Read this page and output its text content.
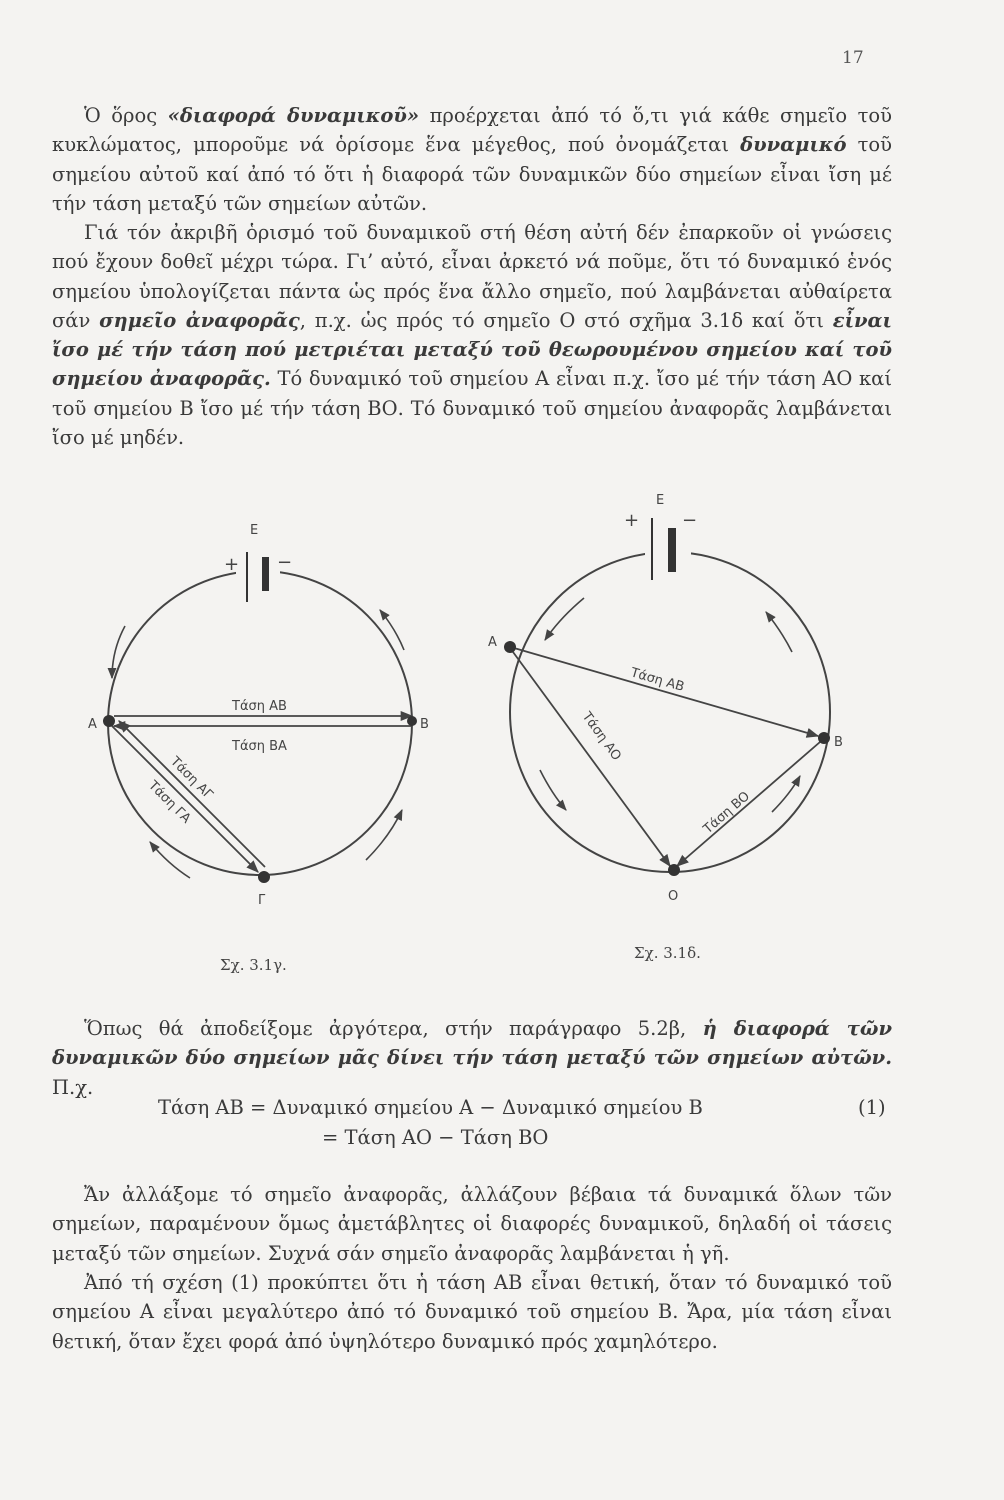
17

Ὁ ὅρος «διαφορά δυναμικοῦ» προέρχεται ἀπό τό ὅ,τι γιά κάθε σημεῖο τοῦ κυκλώματος, μποροῦμε νά ὁρίσομε ἕνα μέγεθος, πού ὀνομάζεται δυναμικό τοῦ σημείου αὐτοῦ καί ἀπό τό ὅτι ἡ διαφορά τῶν δυναμικῶν δύο σημείων εἶναι ἴση μέ τήν τάση μεταξύ τῶν σημείων αὐτῶν.

Γιά τόν ἀκριβῆ ὁρισμό τοῦ δυναμικοῦ στή θέση αὐτή δέν ἐπαρκοῦν οἱ γνώσεις πού ἔχουν δοθεῖ μέχρι τώρα. Γι’ αὐτό, εἶναι ἀρκετό νά ποῦμε, ὅτι τό δυναμικό ἑνός σημείου ὑπολογίζεται πάντα ὡς πρός ἕνα ἄλλο σημεῖο, πού λαμβάνεται αὐθαίρετα σάν σημεῖο ἀναφορᾶς, π.χ. ὡς πρός τό σημεῖο Ο στό σχῆμα 3.1δ καί ὅτι εἶναι ἴσο μέ τήν τάση πού μετριέται μεταξύ τοῦ θεωρουμένου σημείου καί τοῦ σημείου ἀναφορᾶς. Τό δυναμικό τοῦ σημείου Α εἶναι π.χ. ἴσο μέ τήν τάση ΑΟ καί τοῦ σημείου Β ἴσο μέ τήν τάση ΒΟ. Τό δυναμικό τοῦ σημείου ἀναφορᾶς λαμβάνεται ἴσο μέ μηδέν.

E
+ −
A	B
Γ
Τάση AB
Τάση BA
Τάση AΓ
Τάση ΓA
Σχ. 3.1γ.
E
+ −
A
B
O
Τάση AB
Τάση AO
Τάση BO
Σχ. 3.1δ.

Ὅπως θά ἀποδείξομε ἀργότερα, στήν παράγραφο 5.2β, ἡ διαφορά τῶν δυναμικῶν δύο σημείων μᾶς δίνει τήν τάση μεταξύ τῶν σημείων αὐτῶν. Π.χ.

Τάση ΑΒ = Δυναμικό σημείου Α − Δυναμικό σημείου Β
= Τάση ΑΟ − Τάση ΒΟ
(1)

Ἄν ἀλλάξομε τό σημεῖο ἀναφορᾶς, ἀλλάζουν βέβαια τά δυναμικά ὅλων τῶν σημείων, παραμένουν ὅμως ἀμετάβλητες οἱ διαφορές δυναμικοῦ, δηλαδή οἱ τάσεις μεταξύ τῶν σημείων. Συχνά σάν σημεῖο ἀναφορᾶς λαμβάνεται ἡ γῆ.

Ἀπό τή σχέση (1) προκύπτει ὅτι ἡ τάση ΑΒ εἶναι θετική, ὅταν τό δυναμικό τοῦ σημείου Α εἶναι μεγαλύτερο ἀπό τό δυναμικό τοῦ σημείου Β. Ἄρα, μία τάση εἶναι θετική, ὅταν ἔχει φορά ἀπό ὑψηλότερο δυναμικό πρός χαμηλότερο.
